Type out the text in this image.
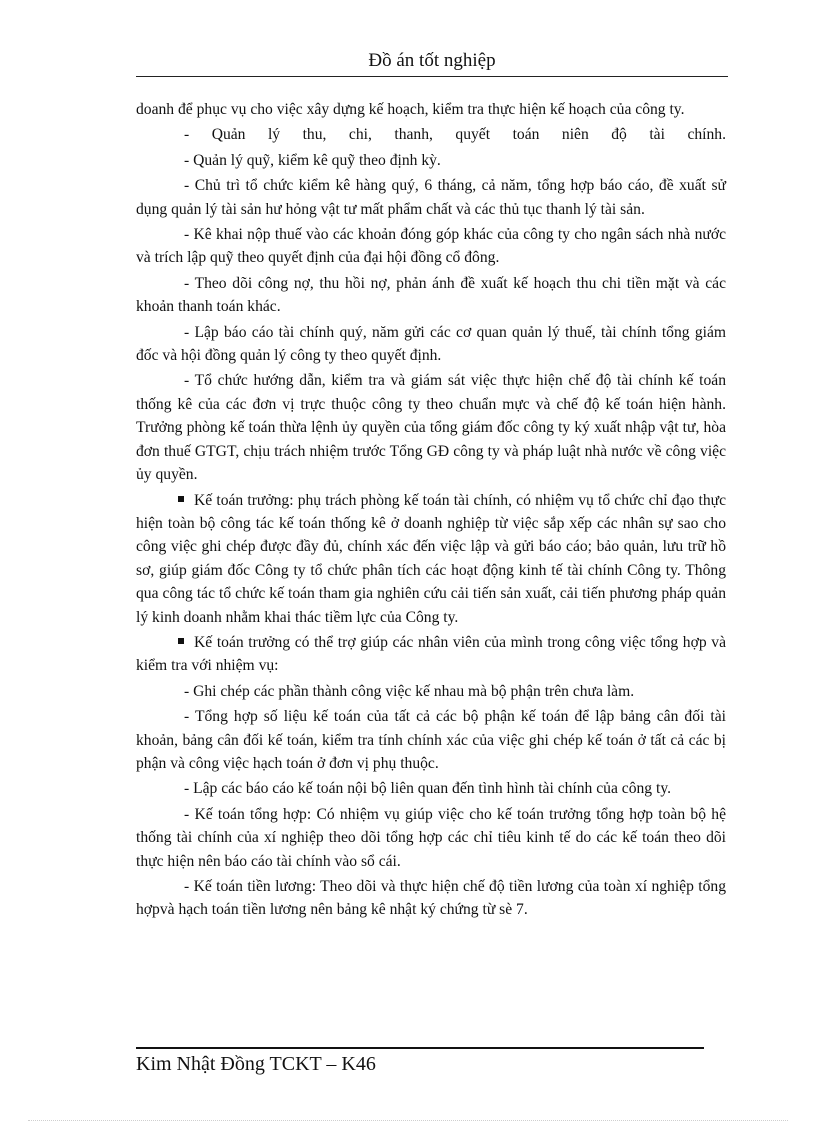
Đồ án tốt nghiệp

doanh để phục vụ cho việc xây dựng kế hoạch, kiểm tra thực hiện kế hoạch của công ty.

- Quản lý thu, chi, thanh, quyết toán niên độ tài chính.

- Quản lý quỹ, kiểm kê quỹ theo định kỳ.

- Chủ trì tổ chức kiểm kê hàng quý, 6 tháng, cả năm, tổng hợp báo cáo, đề xuất sử dụng quản lý tài sản hư hỏng vật tư mất phẩm chất và các thủ tục thanh lý tài sản.

- Kê khai nộp thuế vào các khoản đóng góp khác của công ty cho ngân sách nhà nước và trích lập quỹ theo quyết định của đại hội đồng cổ đông.

- Theo dõi công nợ, thu hồi nợ, phản ánh đề xuất kế hoạch thu chi tiền mặt và các khoản thanh toán khác.

- Lập báo cáo tài chính quý, năm gửi các cơ quan quản lý thuế, tài chính tổng giám đốc và hội đồng quản lý công ty theo quyết định.

- Tổ chức hướng dẫn, kiểm tra và giám sát việc thực hiện chế độ tài chính kế toán thống kê của các đơn vị trực thuộc công ty theo chuẩn mực và chế độ kế toán hiện hành. Trưởng phòng kế toán thừa lệnh ủy quyền của tổng giám đốc công ty ký xuất nhập vật tư, hòa đơn thuế GTGT, chịu trách nhiệm trước Tổng GĐ công ty và pháp luật nhà nước về công việc ủy quyền.

Kế toán trưởng: phụ trách phòng kế toán tài chính, có nhiệm vụ tổ chức chỉ đạo thực hiện toàn bộ công tác kế toán thống kê ở doanh nghiệp từ việc sắp xếp các nhân sự sao cho công việc ghi chép được đầy đủ, chính xác đến việc lập và gửi báo cáo; bảo quản, lưu trữ hồ sơ, giúp giám đốc Công ty tổ chức phân tích các hoạt động kinh tế tài chính Công ty. Thông qua công tác tổ chức kế toán tham gia nghiên cứu cải tiến sản xuất, cải tiến phương pháp quản lý kinh doanh nhằm khai thác tiềm lực của Công ty.

Kế toán trưởng có thể trợ giúp các nhân viên của mình trong công việc tổng hợp và kiểm tra với nhiệm vụ:

- Ghi chép các phần thành công việc kế nhau mà bộ phận trên chưa làm.

- Tổng hợp số liệu kế toán của tất cả các bộ phận kế toán để lập bảng cân đối tài khoản, bảng cân đối kế toán, kiểm tra tính chính xác của việc ghi chép kế toán ở tất cả các bị phận và công việc hạch toán ở đơn vị phụ thuộc.

- Lập các báo cáo kế toán nội bộ liên quan đến tình hình tài chính của công ty.

- Kế toán tổng hợp: Có nhiệm vụ giúp việc cho kế toán trưởng tổng hợp toàn bộ hệ thống tài chính của xí nghiệp theo dõi tổng hợp các chỉ tiêu kinh tế do các kế toán theo dõi thực hiện nên báo cáo tài chính vào sổ cái.

- Kế toán tiền lương: Theo dõi và thực hiện chế độ tiền lương của toàn xí nghiệp tổng hợpvà hạch toán tiền lương nên bảng kê nhật ký chứng từ sè 7.

Kim Nhật Đồng TCKT – K46
